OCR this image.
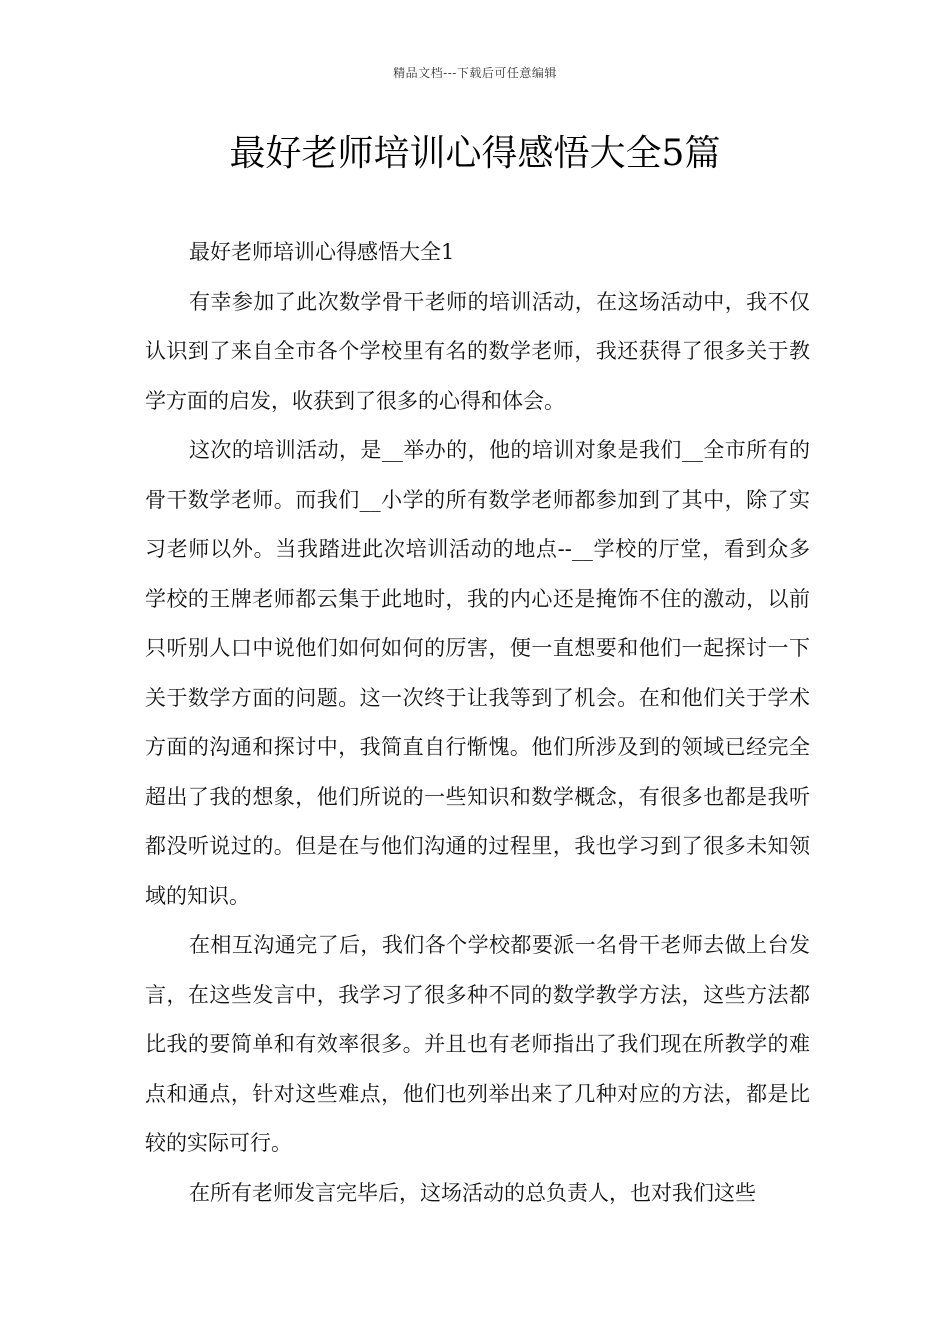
精品文档---下载后可任意编辑
最好老师培训心得感悟大全5篇

最好老师培训心得感悟大全1

有幸参加了此次数学骨干老师的培训活动，在这场活动中，我不仅认识到了来自全市各个学校里有名的数学老师，我还获得了很多关于教学方面的启发，收获到了很多的心得和体会。

这次的培训活动，是__举办的，他的培训对象是我们__全市所有的骨干数学老师。而我们__小学的所有数学老师都参加到了其中，除了实习老师以外。当我踏进此次培训活动的地点--__学校的厅堂，看到众多学校的王牌老师都云集于此地时，我的内心还是掩饰不住的激动，以前只听别人口中说他们如何如何的厉害，便一直想要和他们一起探讨一下关于数学方面的问题。这一次终于让我等到了机会。在和他们关于学术方面的沟通和探讨中，我简直自行惭愧。他们所涉及到的领域已经完全超出了我的想象，他们所说的一些知识和数学概念，有很多也都是我听都没听说过的。但是在与他们沟通的过程里，我也学习到了很多未知领域的知识。

在相互沟通完了后，我们各个学校都要派一名骨干老师去做上台发言，在这些发言中，我学习了很多种不同的数学教学方法，这些方法都比我的要简单和有效率很多。并且也有老师指出了我们现在所教学的难点和通点，针对这些难点，他们也列举出来了几种对应的方法，都是比较的实际可行。

在所有老师发言完毕后，这场活动的总负责人，也对我们这些
